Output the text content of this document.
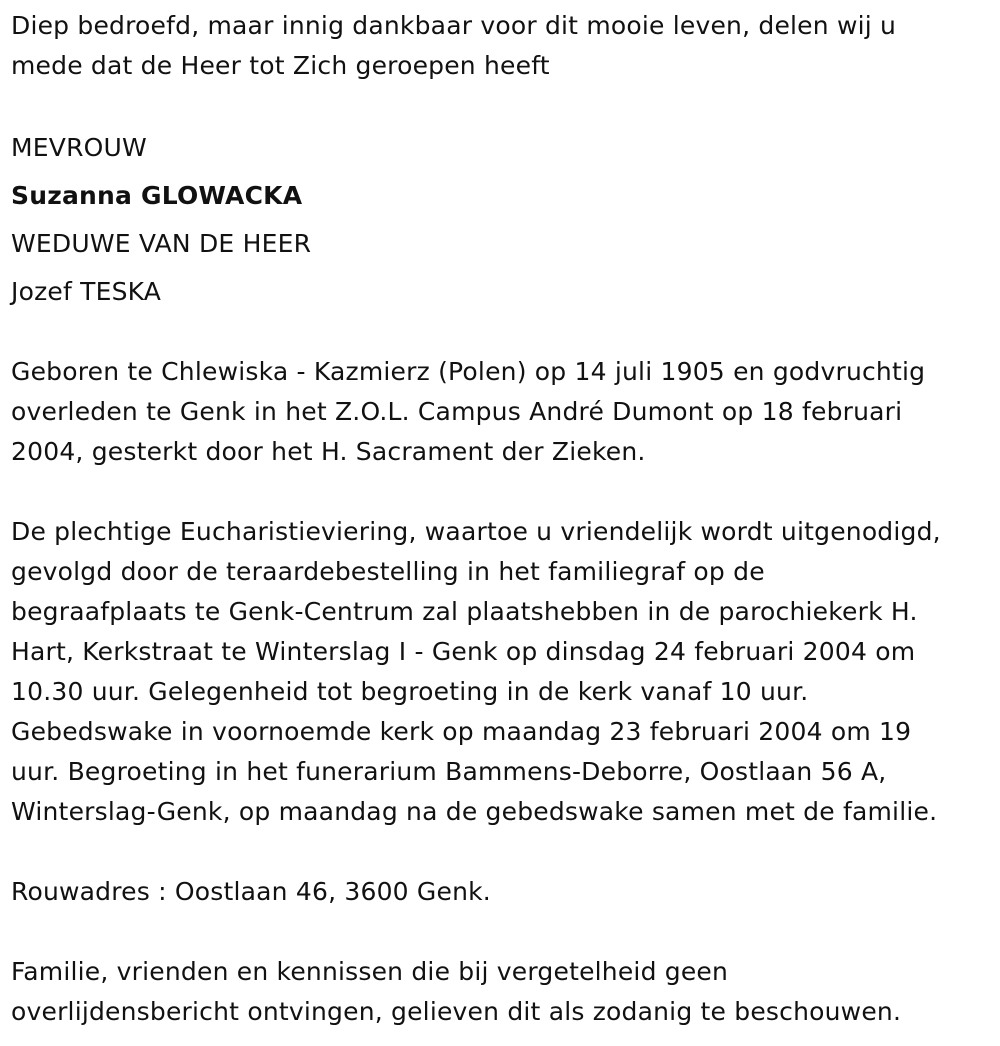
Diep bedroefd, maar innig dankbaar voor dit mooie leven, delen wij u

mede dat de Heer tot Zich geroepen heeft

MEVROUW

Suzanna GLOWACKA

WEDUWE VAN DE HEER

Jozef TESKA

Geboren te Chlewiska - Kazmierz (Polen) op 14 juli 1905 en godvruchtig

overleden te Genk in het Z.O.L. Campus André Dumont op 18 februari

2004, gesterkt door het H. Sacrament der Zieken.

De plechtige Eucharistieviering, waartoe u vriendelijk wordt uitgenodigd,

gevolgd door de teraardebestelling in het familiegraf op de

begraafplaats te Genk-Centrum zal plaatshebben in de parochiekerk H.

Hart, Kerkstraat te Winterslag I - Genk op dinsdag 24 februari 2004 om

10.30 uur. Gelegenheid tot begroeting in de kerk vanaf 10 uur.

Gebedswake in voornoemde kerk op maandag 23 februari 2004 om 19

uur. Begroeting in het funerarium Bammens-Deborre, Oostlaan 56 A,

Winterslag-Genk, op maandag na de gebedswake samen met de familie.

Rouwadres : Oostlaan 46, 3600 Genk.

Familie, vrienden en kennissen die bij vergetelheid geen

overlijdensbericht ontvingen, gelieven dit als zodanig te beschouwen.
